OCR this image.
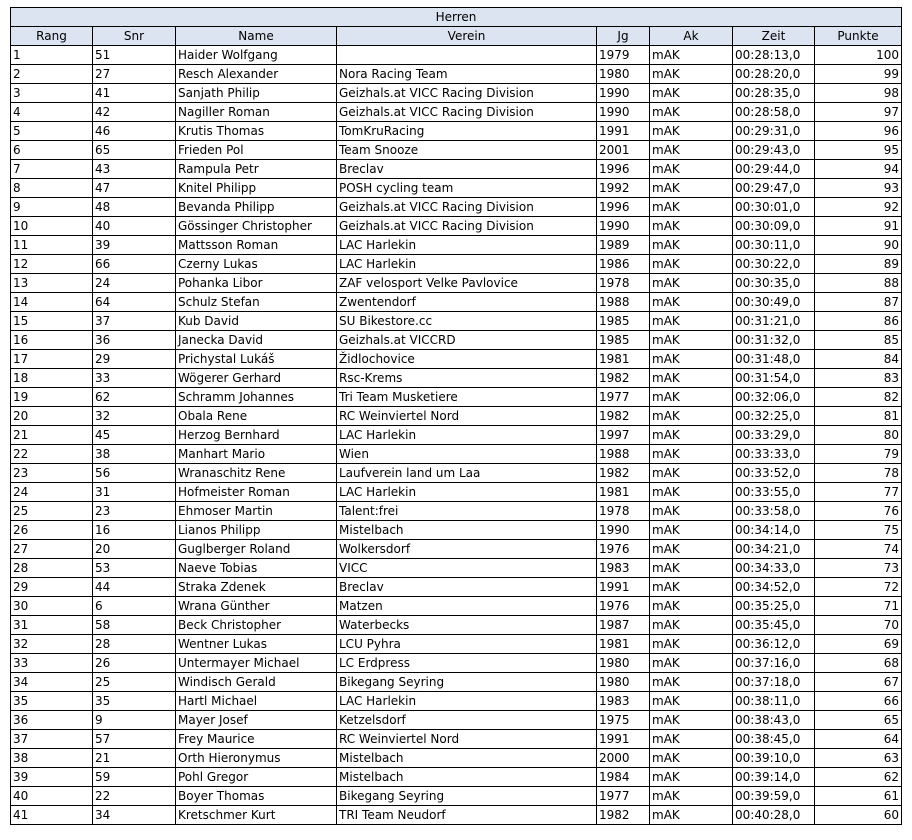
Herren							
Rang	Snr	Name	Verein	Jg	Ak	Zeit	Punkte
1	51	Haider Wolfgang		1979	mAK	00:28:13,0	100
2	27	Resch Alexander	Nora Racing Team	1980	mAK	00:28:20,0	99
3	41	Sanjath Philip	Geizhals.at VICC Racing Division	1990	mAK	00:28:35,0	98
4	42	Nagiller Roman	Geizhals.at VICC Racing Division	1990	mAK	00:28:58,0	97
5	46	Krutis Thomas	TomKruRacing	1991	mAK	00:29:31,0	96
6	65	Frieden Pol	Team Snooze	2001	mAK	00:29:43,0	95
7	43	Rampula Petr	Breclav	1996	mAK	00:29:44,0	94
8	47	Knitel Philipp	POSH cycling team	1992	mAK	00:29:47,0	93
9	48	Bevanda Philipp	Geizhals.at VICC Racing Division	1996	mAK	00:30:01,0	92
10	40	Gössinger Christopher	Geizhals.at VICC Racing Division	1990	mAK	00:30:09,0	91
11	39	Mattsson Roman	LAC Harlekin	1989	mAK	00:30:11,0	90
12	66	Czerny Lukas	LAC Harlekin	1986	mAK	00:30:22,0	89
13	24	Pohanka Libor	ZAF velosport Velke Pavlovice	1978	mAK	00:30:35,0	88
14	64	Schulz Stefan	Zwentendorf	1988	mAK	00:30:49,0	87
15	37	Kub David	SU Bikestore.cc	1985	mAK	00:31:21,0	86
16	36	Janecka David	Geizhals.at VICCRD	1985	mAK	00:31:32,0	85
17	29	Prichystal Lukáš	Židlochovice	1981	mAK	00:31:48,0	84
18	33	Wögerer Gerhard	Rsc-Krems	1982	mAK	00:31:54,0	83
19	62	Schramm Johannes	Tri Team Musketiere	1977	mAK	00:32:06,0	82
20	32	Obala Rene	RC Weinviertel Nord	1982	mAK	00:32:25,0	81
21	45	Herzog Bernhard	LAC Harlekin	1997	mAK	00:33:29,0	80
22	38	Manhart Mario	Wien	1988	mAK	00:33:33,0	79
23	56	Wranaschitz Rene	Laufverein land um Laa	1982	mAK	00:33:52,0	78
24	31	Hofmeister Roman	LAC Harlekin	1981	mAK	00:33:55,0	77
25	23	Ehmoser Martin	Talent:frei	1978	mAK	00:33:58,0	76
26	16	Lianos Philipp	Mistelbach	1990	mAK	00:34:14,0	75
27	20	Guglberger Roland	Wolkersdorf	1976	mAK	00:34:21,0	74
28	53	Naeve Tobias	VICC	1983	mAK	00:34:33,0	73
29	44	Straka Zdenek	Breclav	1991	mAK	00:34:52,0	72
30	6	Wrana Günther	Matzen	1976	mAK	00:35:25,0	71
31	58	Beck Christopher	Waterbecks	1987	mAK	00:35:45,0	70
32	28	Wentner Lukas	LCU Pyhra	1981	mAK	00:36:12,0	69
33	26	Untermayer Michael	LC Erdpress	1980	mAK	00:37:16,0	68
34	25	Windisch Gerald	Bikegang Seyring	1980	mAK	00:37:18,0	67
35	35	Hartl Michael	LAC Harlekin	1983	mAK	00:38:11,0	66
36	9	Mayer Josef	Ketzelsdorf	1975	mAK	00:38:43,0	65
37	57	Frey Maurice	RC Weinviertel Nord	1991	mAK	00:38:45,0	64
38	21	Orth Hieronymus	Mistelbach	2000	mAK	00:39:10,0	63
39	59	Pohl Gregor	Mistelbach	1984	mAK	00:39:14,0	62
40	22	Boyer Thomas	Bikegang Seyring	1977	mAK	00:39:59,0	61
41	34	Kretschmer Kurt	TRI Team Neudorf	1982	mAK	00:40:28,0	60
